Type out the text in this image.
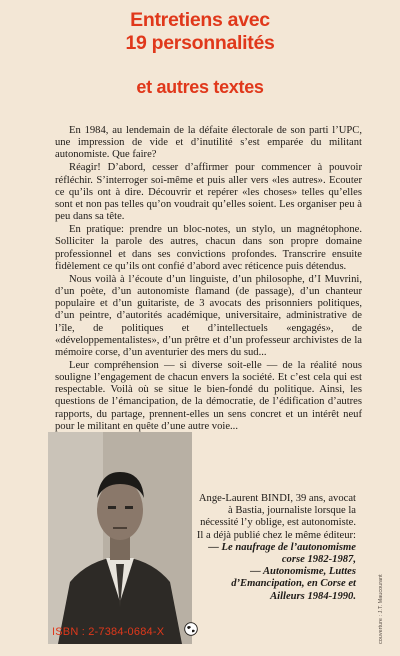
Entretiens avec
19 personnalités
et autres textes

En 1984, au lendemain de la défaite électorale de son parti l’UPC, une impression de vide et d’inutilité s’est emparée du militant autonomiste. Que faire?

Réagir! D’abord, cesser d’affirmer pour commencer à pouvoir réfléchir. S’interroger soi-même et puis aller vers «les autres». Ecouter ce qu’ils ont à dire. Découvrir et repérer «les choses» telles qu’elles sont et non pas telles qu’on voudrait qu’elles soient. Les organiser peu à peu dans sa tête.

En pratique: prendre un bloc-notes, un stylo, un magnétophone. Solliciter la parole des autres, chacun dans son propre domaine professionnel et dans ses convictions profondes. Transcrire ensuite fidèlement ce qu’ils ont confié d’abord avec réticence puis détendus.

Nous voilà à l’écoute d’un linguiste, d’un philosophe, d’I Muvrini, d’un poète, d’un autonomiste flamand (de passage), d’un chanteur populaire et d’un guitariste, de 3 avocats des prisonniers politiques, d’un peintre, d’autorités académique, universitaire, administrative de l’île, de politiques et d’intellectuels «engagés», de «développementalistes», d’un prêtre et d’un professeur archivistes de la mémoire corse, d’un aventurier des mers du sud...

Leur compréhension — si diverse soit-elle — de la réalité nous souligne l’engagement de chacun envers la société. Et c’est cela qui est respectable. Voilà où se situe le bien-fondé du politique. Ainsi, les questions de l’émancipation, de la démocratie, de l’édification d’autres rapports, du partage, prennent-elles un sens concret et un intérêt neuf pour le militant en quête d’une autre voie...

Ange-Laurent BINDI, 39 ans, avocat à Bastia, journaliste lorsque la nécessité l’y oblige, est autonomiste. Il a déjà publié chez le même éditeur:
— Le naufrage de l’autonomisme corse 1982-1987,
— Autonomisme, Luttes d’Emancipation, en Corse et Ailleurs 1984-1990.
ISBN : 2-7384-0684-X	couverture : J.T. Maucourant
